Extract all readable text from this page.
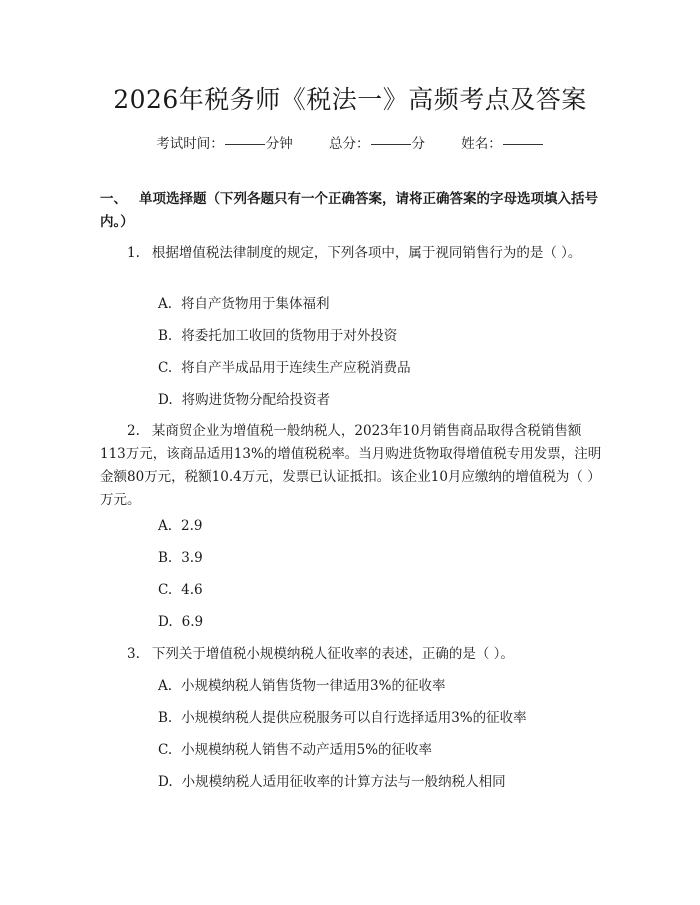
2026年税务师《税法一》高频考点及答案
考试时间：	分钟	总分：	分	姓名：
一、 单项选择题（下列各题只有一个正确答案，请将正确答案的字母选项填入括号内。）
1. 根据增值税法律制度的规定，下列各项中，属于视同销售行为的是（ ）。
A. 将自产货物用于集体福利
B. 将委托加工收回的货物用于对外投资
C. 将自产半成品用于连续生产应税消费品
D. 将购进货物分配给投资者
2. 某商贸企业为增值税一般纳税人，2023年10月销售商品取得含税销售额113万元，该商品适用13%的增值税税率。当月购进货物取得增值税专用发票，注明金额80万元，税额10.4万元，发票已认证抵扣。该企业10月应缴纳的增值税为（ ）万元。
A. 2.9
B. 3.9
C. 4.6
D. 6.9
3. 下列关于增值税小规模纳税人征收率的表述，正确的是（ ）。
A. 小规模纳税人销售货物一律适用3%的征收率
B. 小规模纳税人提供应税服务可以自行选择适用3%的征收率
C. 小规模纳税人销售不动产适用5%的征收率
D. 小规模纳税人适用征收率的计算方法与一般纳税人相同
